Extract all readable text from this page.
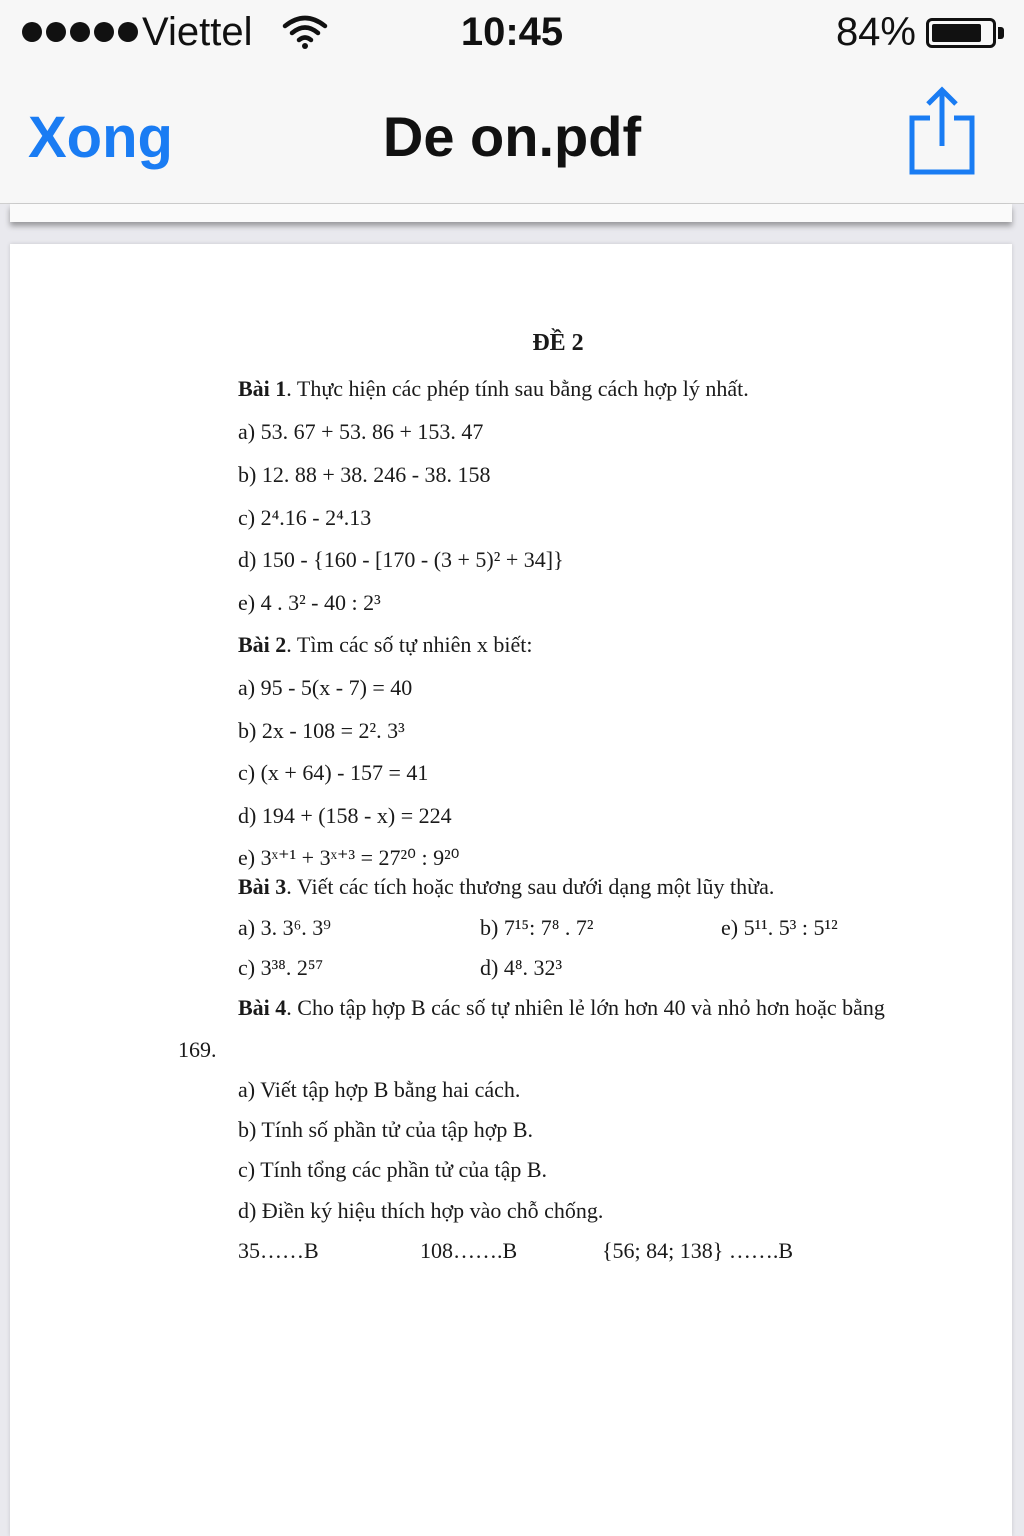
Viettel	10:45	84%
Xong	De on.pdf
ĐỀ 2
Bài 1. Thực hiện các phép tính sau bằng cách hợp lý nhất.
a) 53. 67 + 53. 86 + 153. 47
b) 12. 88 + 38. 246 - 38. 158
c) 2⁴.16 - 2⁴.13
d) 150 - {160 - [170 - (3 + 5)² + 34]}
e) 4 . 3² - 40 : 2³
Bài 2. Tìm các số tự nhiên x biết:
a) 95 - 5(x - 7) = 40
b) 2x - 108 = 2². 3³
c) (x + 64) - 157 = 41
d) 194 + (158 - x) = 224
e) 3ˣ⁺¹ + 3ˣ⁺³ = 27²⁰ : 9²⁰
Bài 3. Viết các tích hoặc thương sau dưới dạng một lũy thừa.
a) 3. 3⁶. 3⁹	b) 7¹⁵: 7⁸ . 7²	e) 5¹¹. 5³ : 5¹²
c) 3³⁸. 2⁵⁷	d) 4⁸. 32³
Bài 4. Cho tập hợp B các số tự nhiên lẻ lớn hơn 40 và nhỏ hơn hoặc bằng
169.
a) Viết tập hợp B bằng hai cách.
b) Tính số phần tử của tập hợp B.
c) Tính tổng các phần tử của tập B.
d) Điền ký hiệu thích hợp vào chỗ chống.
35……B	108…….B	{56; 84; 138} …….B
